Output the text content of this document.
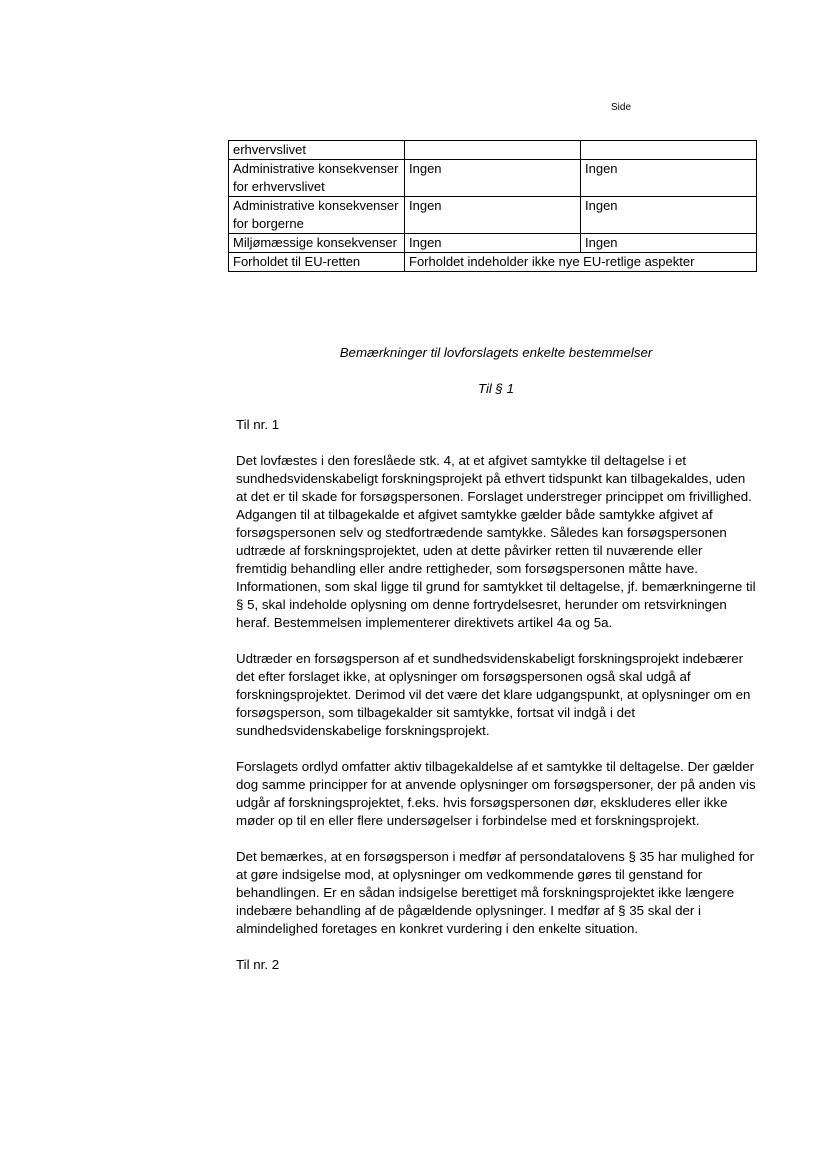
Side
erhvervslivet		
Administrative konsekvenser for erhvervslivet	Ingen	Ingen
Administrative konsekvenser for borgerne	Ingen	Ingen
Miljømæssige konsekvenser	Ingen	Ingen
Forholdet til EU-retten	Forholdet indeholder ikke nye EU-retlige aspekter	
Bemærkninger til lovforslagets enkelte bestemmelser
Til § 1
Til nr. 1

Det lovfæstes i den foreslåede stk. 4, at et afgivet samtykke til deltagelse i et sundhedsvidenskabeligt forskningsprojekt på ethvert tidspunkt kan tilbagekaldes, uden at det er til skade for forsøgspersonen. Forslaget understreger princippet om frivillighed. Adgangen til at tilbagekalde et afgivet samtykke gælder både samtykke afgivet af forsøgspersonen selv og stedfortrædende samtykke. Således kan forsøgspersonen udtræde af forskningsprojektet, uden at dette påvirker retten til nuværende eller fremtidig behandling eller andre rettigheder, som forsøgspersonen måtte have. Informationen, som skal ligge til grund for samtykket til deltagelse, jf. bemærkningerne til § 5, skal indeholde oplysning om denne fortrydelsesret, herunder om retsvirkningen heraf. Bestemmelsen implementerer direktivets artikel 4a og 5a.

Udtræder en forsøgsperson af et sundhedsvidenskabeligt forskningsprojekt indebærer det efter forslaget ikke, at oplysninger om forsøgspersonen også skal udgå af forskningsprojektet. Derimod vil det være det klare udgangspunkt, at oplysninger om en forsøgsperson, som tilbagekalder sit samtykke, fortsat vil indgå i det sundhedsvidenskabelige forskningsprojekt.

Forslagets ordlyd omfatter aktiv tilbagekaldelse af et samtykke til deltagelse. Der gælder dog samme principper for at anvende oplysninger om forsøgspersoner, der på anden vis udgår af forskningsprojektet, f.eks. hvis forsøgspersonen dør, ekskluderes eller ikke møder op til en eller flere undersøgelser i forbindelse med et forskningsprojekt.

Det bemærkes, at en forsøgsperson i medfør af persondatalovens § 35 har mulighed for at gøre indsigelse mod, at oplysninger om vedkommende gøres til genstand for behandlingen. Er en sådan indsigelse berettiget må forskningsprojektet ikke længere indebære behandling af de pågældende oplysninger. I medfør af § 35 skal der i almindelighed foretages en konkret vurdering i den enkelte situation.

Til nr. 2
